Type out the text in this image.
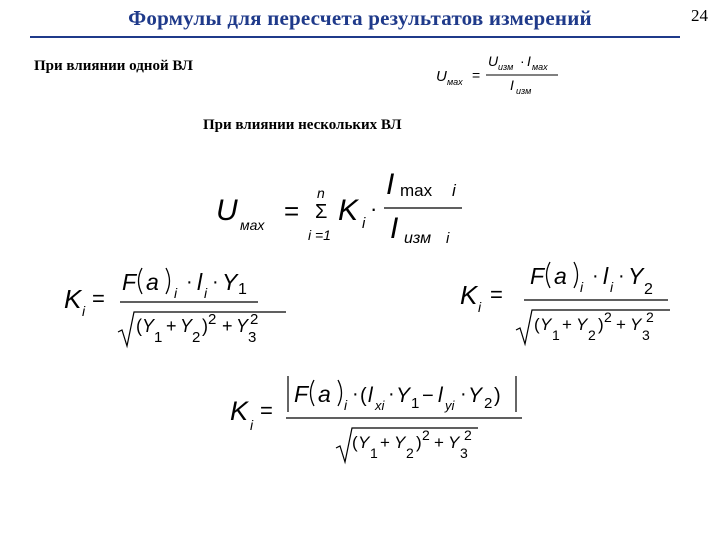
Формулы для пересчета результатов измерений	24
При влиянии одной ВЛ
При влиянии нескольких ВЛ
U мах =
U изм · I мах
I изм
U мах =
n
Σ
i =1
K i
·
I max i
I изм i
K i =
F a i · l i · Y 1
( Y
1
+ Y
2
) 2 + Y
3
2
K i =
F a i · l i · Y
2
( Y
1
+ Y
2
) 2 + Y
3
2
K i
=
F a i · ( l xi
· Y 1 − l yi
· Y 2 )
( Y
1
+ Y
2
) 2 + Y
3
2
